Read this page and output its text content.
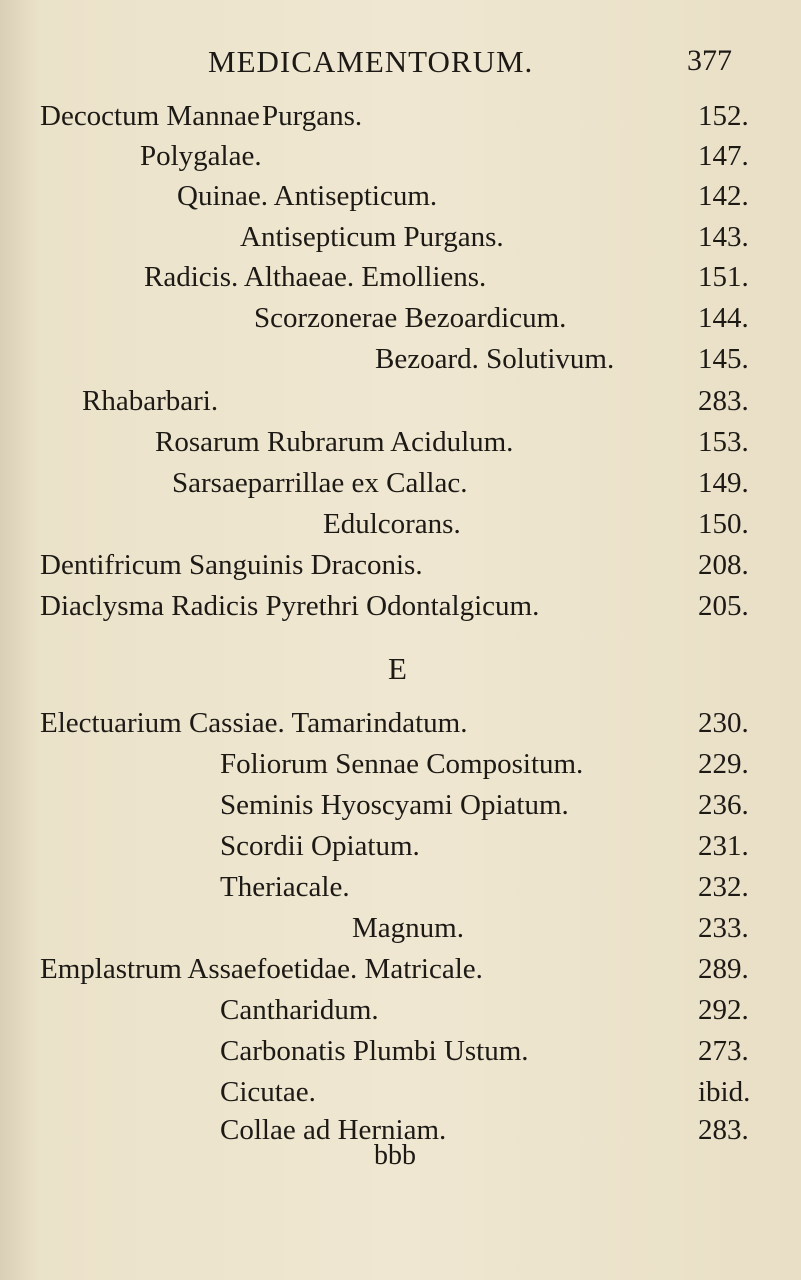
MEDICAMENTORUM.	377
Decoctum Mannae Purgans.	152.
Polygalae.	147.
Quinae. Antisepticum.	142.
Antisepticum Purgans.	143.
Radicis. Althaeae. Emolliens.	151.
Scorzonerae Bezoardicum.	144.
Bezoard. Solutivum.	145.
Rhabarbari.	283.
Rosarum Rubrarum Acidulum.	153.
Sarsaeparrillae ex Callac.	149.
Edulcorans.	150.
Dentifricum Sanguinis Draconis.	208.
Diaclysma Radicis Pyrethri Odontalgicum.	205.
E
Electuarium Cassiae. Tamarindatum.	230.
Foliorum Sennae Compositum.	229.
Seminis Hyoscyami Opiatum.	236.
Scordii Opiatum.	231.
Theriacale.	232.
Magnum.	233.
Emplastrum Assaefoetidae. Matricale.	289.
Cantharidum.	292.
Carbonatis Plumbi Ustum.	273.
Cicutae.	ibid.
Collae ad Herniam.	283.
bbb
